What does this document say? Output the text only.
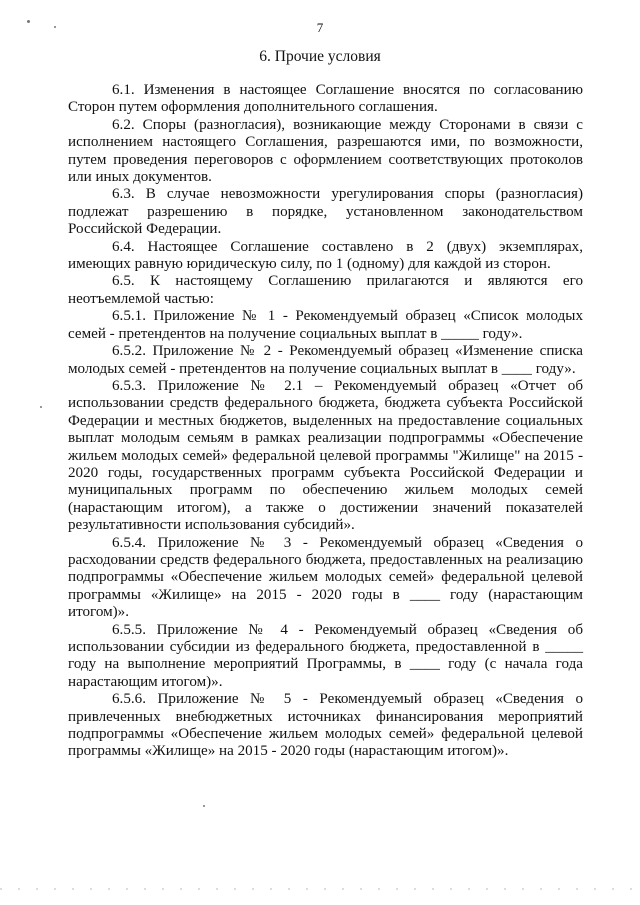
7
6. Прочие условия

6.1. Изменения в настоящее Соглашение вносятся по согласованию Сторон путем оформления дополнительного соглашения.

6.2. Споры (разногласия), возникающие между Сторонами в связи с исполнением настоящего Соглашения, разрешаются ими, по возможности, путем проведения переговоров с оформлением соответствующих протоколов или иных документов.

6.3. В случае невозможности урегулирования споры (разногласия) подлежат разрешению в порядке, установленном законодательством Российской Федерации.

6.4. Настоящее Соглашение составлено в 2 (двух) экземплярах, имеющих равную юридическую силу, по 1 (одному) для каждой из сторон.

6.5. К настоящему Соглашению прилагаются и являются его неотъемлемой частью:

6.5.1. Приложение № 1 - Рекомендуемый образец «Список молодых семей - претендентов на получение социальных выплат в _____ году».

6.5.2. Приложение № 2 - Рекомендуемый образец «Изменение списка молодых семей - претендентов на получение социальных выплат в ____ году».

6.5.3. Приложение № 2.1 – Рекомендуемый образец «Отчет об использовании средств федерального бюджета, бюджета субъекта Российской Федерации и местных бюджетов, выделенных на предоставление социальных выплат молодым семьям в рамках реализации подпрограммы «Обеспечение жильем молодых семей» федеральной целевой программы "Жилище" на 2015 - 2020 годы, государственных программ субъекта Российской Федерации и муниципальных программ по обеспечению жильем молодых семей (нарастающим итогом), а также о достижении значений показателей результативности использования субсидий».

6.5.4. Приложение № 3 - Рекомендуемый образец «Сведения о расходовании средств федерального бюджета, предоставленных на реализацию подпрограммы «Обеспечение жильем молодых семей» федеральной целевой программы «Жилище» на 2015 - 2020 годы в ____ году (нарастающим итогом)».

6.5.5. Приложение № 4 - Рекомендуемый образец «Сведения об использовании субсидии из федерального бюджета, предоставленной в _____ году на выполнение мероприятий Программы, в ____ году (с начала года нарастающим итогом)».

6.5.6. Приложение № 5 - Рекомендуемый образец «Сведения о привлеченных внебюджетных источниках финансирования мероприятий подпрограммы «Обеспечение жильем молодых семей» федеральной целевой программы «Жилище» на 2015 - 2020 годы (нарастающим итогом)».
